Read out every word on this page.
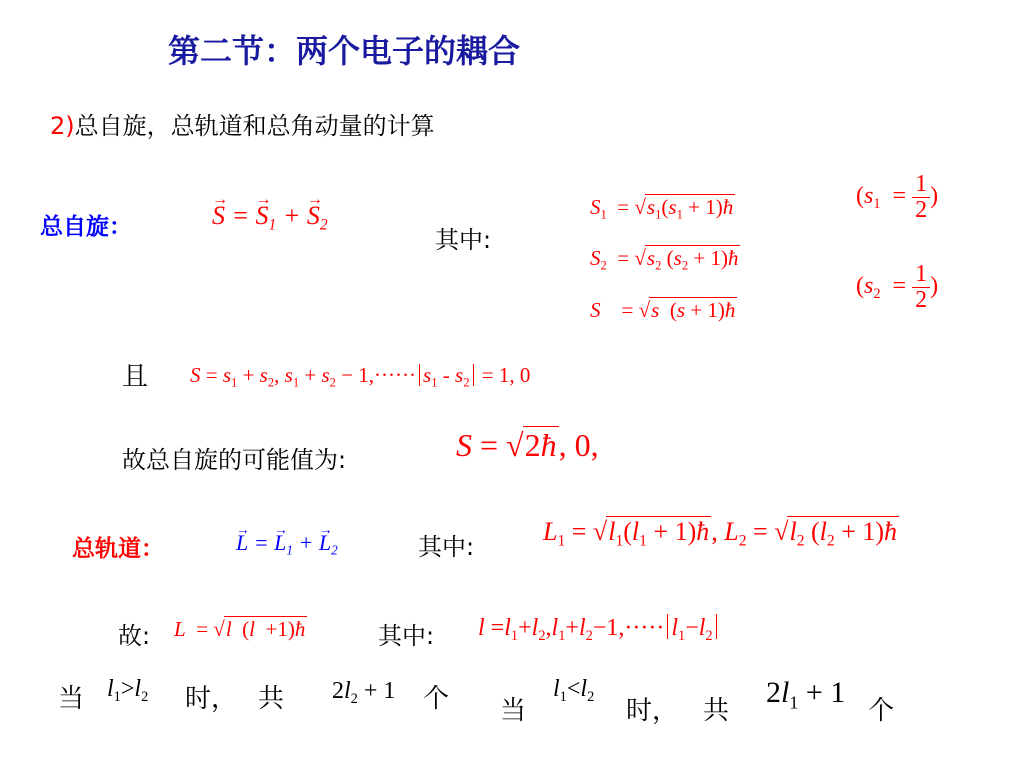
第二节：两个电子的耦合
2)总自旋，总轨道和总角动量的计算
总自旋：	→ S = → $S_1$ + → $S_2$
其中:
$S_1 = √s_1(s_1$ + 1)ħ
$S_2 = √s_2$ ($s_2$ + 1)ħ
S    = √s  (s + 1)ħ
($s_1 = \frac{1}{2}$ )
($s_2 = \frac{1}{2}$ )
且 $S = s_1 + s_2$, $s_1 + s_2 - 1,\cdot\cdot\cdot\cdot\cdot\cdot s_1 - s_2 = 1$, 0
故总自旋的可能值为:	S = √2ħ, 0,
总轨道：	→ L = → $L_1$ + → $L_2$	其中:
$L_1 = √l_1(l_1$ + 1)ħ, $L_2 = √l_2$ ($l_2$ + 1)ħ
故: L  = √l  (l  +1)ħ	其中: $l =l_1+l_2,l_1+l_2-1,\cdot\cdot\cdot\cdot\cdot l_1-l_2$
当 $l_1>l_2$ 时， 共 $2l_2 + 1$ 个 当
$l_1<l_2$ 时， 共
$2l_1 + 1$
个
